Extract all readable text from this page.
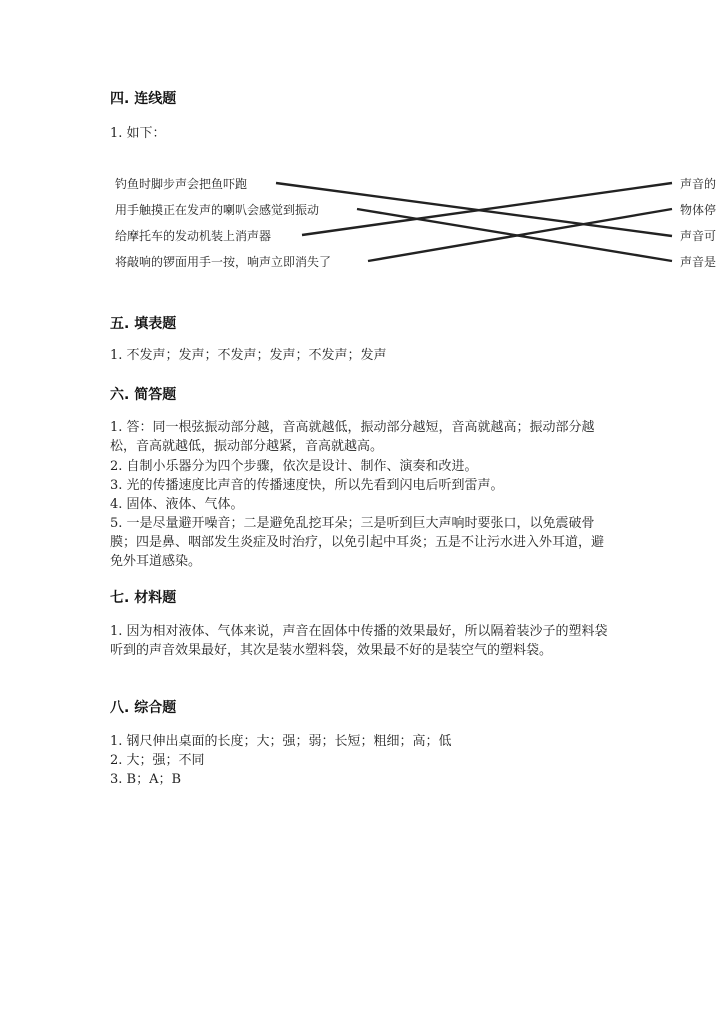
四. 连线题
1. 如下：
钓鱼时脚步声会把鱼吓跑
用手触摸正在发声的喇叭会感觉到振动
给摩托车的发动机装上消声器
将敲响的锣面用手一按，响声立即消失了
声音的
物体停
声音可
声音是
五. 填表题
1. 不发声；发声；不发声；发声；不发声；发声
六. 简答题
1. 答：同一根弦振动部分越，音高就越低，振动部分越短，音高就越高；振动部分越松，音高就越低，振动部分越紧，音高就越高。
2. 自制小乐器分为四个步骤，依次是设计、制作、演奏和改进。
3. 光的传播速度比声音的传播速度快，所以先看到闪电后听到雷声。
4. 固体、液体、气体。
5. 一是尽量避开噪音；二是避免乱挖耳朵；三是听到巨大声响时要张口，以免震破骨膜；四是鼻、咽部发生炎症及时治疗，以免引起中耳炎；五是不让污水进入外耳道，避免外耳道感染。
七. 材料题
1. 因为相对液体、气体来说，声音在固体中传播的效果最好，所以隔着装沙子的塑料袋听到的声音效果最好，其次是装水塑料袋，效果最不好的是装空气的塑料袋。
八. 综合题
1. 钢尺伸出桌面的长度；大；强；弱；长短；粗细；高；低
2. 大；强；不同
3. B；A；B
